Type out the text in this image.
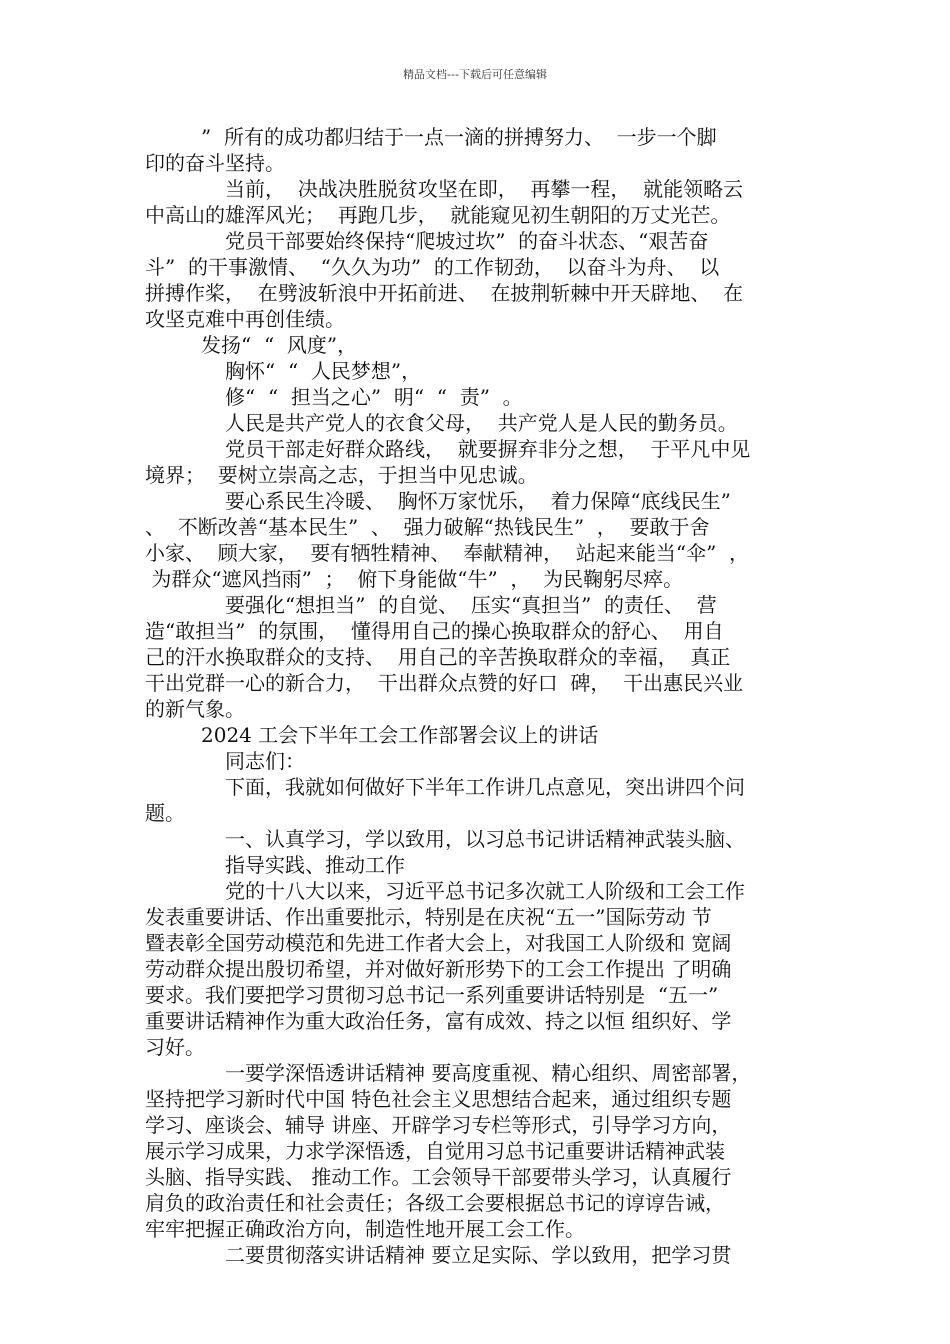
精品文档---下载后可任意编辑
”  所有的成功都归结于一点一滴的拼搏努力、  一步一个脚
印的奋斗坚持。
当前，  决战决胜脱贫攻坚在即，  再攀一程，  就能领略云
中高山的雄浑风光；  再跑几步，  就能窥见初生朝阳的万丈光芒。
党员干部要始终保持“爬坡过坎”  的奋斗状态、“艰苦奋
斗”  的干事激情、  “久久为功”  的工作韧劲，  以奋斗为舟、  以
拼搏作桨，  在劈波斩浪中开拓前进、  在披荆斩棘中开天辟地、  在
攻坚克难中再创佳绩。
发扬“  “  风度”，
胸怀“  “  人民梦想”，
修“  “  担当之心”  明“  “  责”  。
人民是共产党人的衣食父母，  共产党人是人民的勤务员。
党员干部走好群众路线，  就要摒弃非分之想，  于平凡中见
境界；  要树立崇高之志，于担当中见忠诚。
要心系民生冷暖、  胸怀万家忧乐，  着力保障“底线民生”
、  不断改善“基本民生”  、  强力破解“热钱民生”  ，  要敢于舍
小家、  顾大家，  要有牺牲精神、  奉献精神，  站起来能当“伞”  ，
为群众“遮风挡雨”  ；  俯下身能做“牛”  ，  为民鞠躬尽瘁。
要强化“想担当”  的自觉、  压实“真担当”  的责任、  营
造“敢担当”  的氛围，  懂得用自己的操心换取群众的舒心、  用自
己的汗水换取群众的支持、  用自己的辛苦换取群众的幸福，  真正
干出党群一心的新合力，  干出群众点赞的好口  碑，  干出惠民兴业
的新气象。
2024 工会下半年工会工作部署会议上的讲话
同志们：
下面，我就如何做好下半年工作讲几点意见，突出讲四个问
题。
一、认真学习，学以致用，以习总书记讲话精神武装头脑、
指导实践、推动工作
党的十八大以来，习近平总书记多次就工人阶级和工会工作
发表重要讲话、作出重要批示，特别是在庆祝“五一”国际劳动 节
暨表彰全国劳动模范和先进工作者大会上，对我国工人阶级和 宽阔
劳动群众提出殷切希望，并对做好新形势下的工会工作提出 了明确
要求。我们要把学习贯彻习总书记一系列重要讲话特别是  “五一”
重要讲话精神作为重大政治任务，富有成效、持之以恒 组织好、学
习好。
一要学深悟透讲话精神 要高度重视、精心组织、周密部署，
坚持把学习新时代中国 特色社会主义思想结合起来，通过组织专题
学习、座谈会、辅导 讲座、开辟学习专栏等形式，引导学习方向，
展示学习成果，力求学深悟透，自觉用习总书记重要讲话精神武装
头脑、指导实践、 推动工作。工会领导干部要带头学习，认真履行
肩负的政治责任和社会责任；各级工会要根据总书记的谆谆告诫，
牢牢把握正确政治方向，制造性地开展工会工作。
二要贯彻落实讲话精神 要立足实际、学以致用，把学习贯
